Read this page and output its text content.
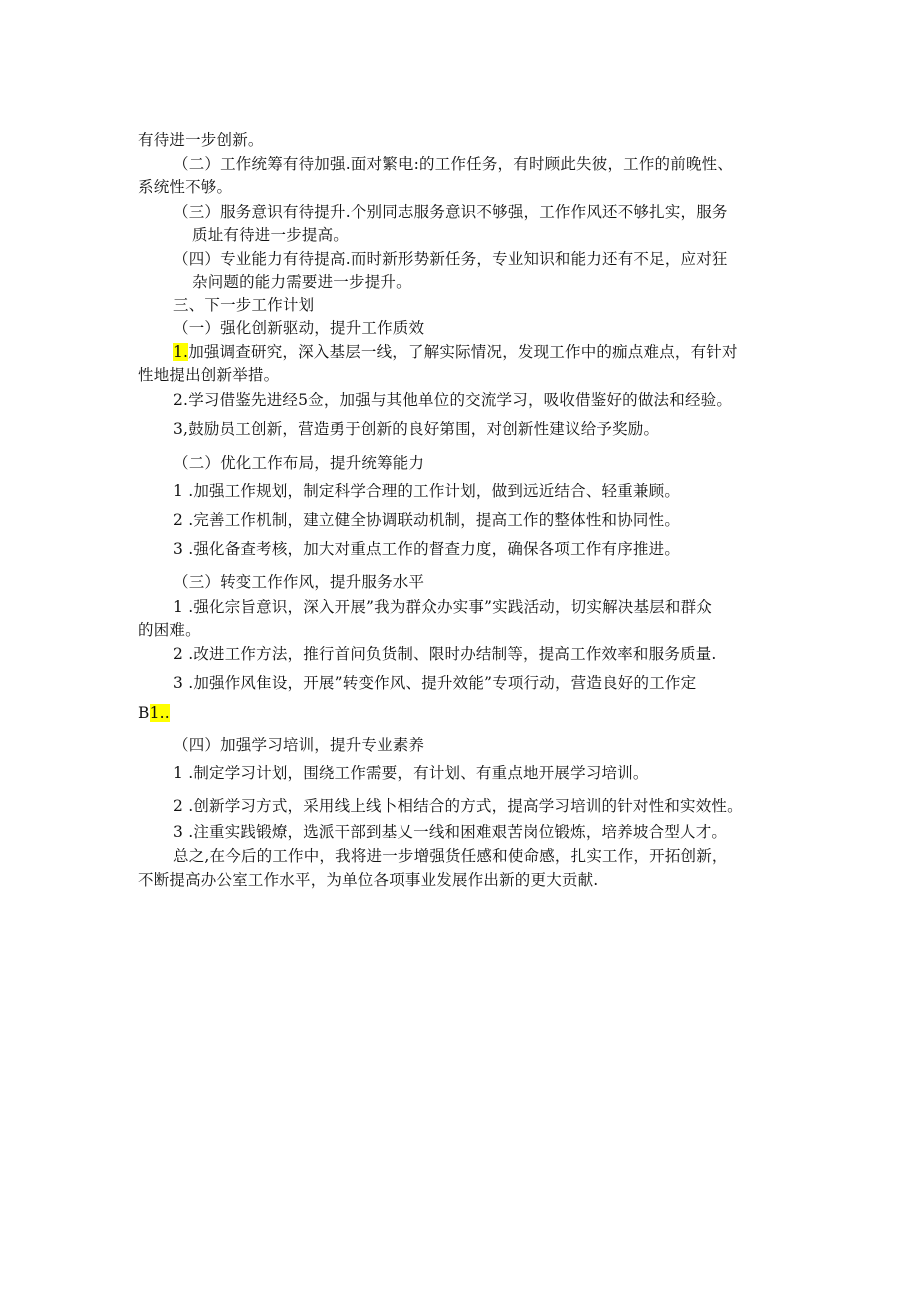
有待进一步创新。
（二）工作统筹有待加强.面对繁电:的工作任务，有时顾此失彼，工作的前晚性、
系统性不够。
（三）服务意识有待提升.个别同志服务意识不够强，工作作风还不够扎实，服务
质址有待进一步提高。
（四）专业能力有待提高.而时新形势新任务，专业知识和能力还有不足，应对狂
杂问题的能力需要进一步提升。
三、下一步工作计划
（一）强化创新驱动，提升工作质效
1.加强调查研究，深入基层一线，了解实际情况，发现工作中的痂点难点，有针对
性地提出创新举措。
2.学习借鉴先进经5佥，加强与其他单位的交流学习，吸收借鉴好的做法和经验。
3,鼓励员工创新，营造勇于创新的良好第围，对创新性建议给予奖励。
（二）优化工作布局，提升统筹能力
1 .加强工作规划，制定科学合理的工作计划，做到远近结合、轻重兼顾。
2 .完善工作机制，建立健全协调联动机制，提高工作的整体性和协同性。
3 .强化备查考核，加大对重点工作的督查力度，确保各项工作有序推进。
（三）转变工作作风，提升服务水平
1 .强化宗旨意识，深入开展”我为群众办实事”实践活动，切实解决基层和群众
的困难。
2 .改进工作方法，推行首问负货制、限时办结制等，提高工作效率和服务质量.
3 .加强作风隹设，开展”转变作风、提升效能”专项行动，营造良好的工作定
B1..
（四）加强学习培训，提升专业素养
1 .制定学习计划，围绕工作需要，有计划、有重点地开展学习培训。
2 .创新学习方式，采用线上线卜相结合的方式，提高学习培训的针对性和实效性。
3 .注重实践锻燎，选派干部到基乂一线和困难艰苦岗位锻炼，培养坡合型人才。
总之,在今后的工作中，我将进一步增强货任感和使命感，扎实工作，开拓创新，
不断提高办公室工作水平，为单位各项事业发展作出新的更大贡献.
